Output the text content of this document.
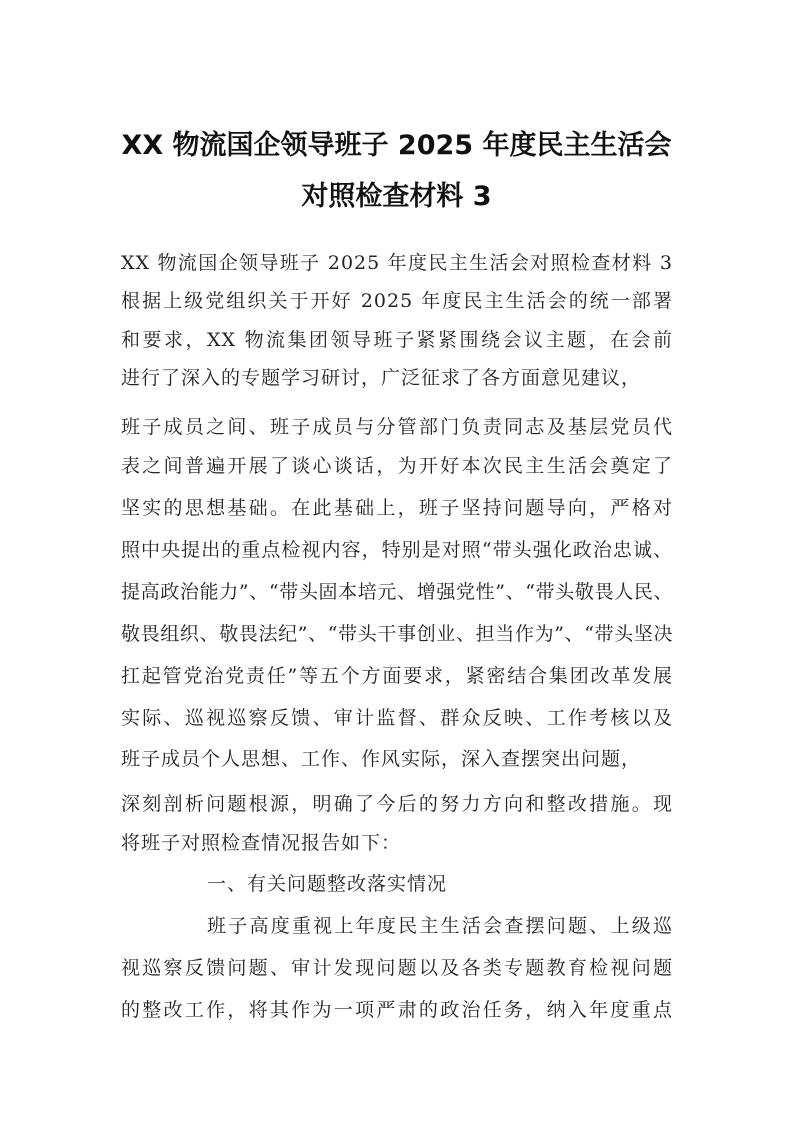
XX 物流国企领导班子 2025 年度民主生活会
对照检查材料 3
XX 物流国企领导班子 2025 年度民主生活会对照检查材料 3
根据上级党组织关于开好 2025 年度民主生活会的统一部署
和要求，XX 物流集团领导班子紧紧围绕会议主题，在会前
进行了深入的专题学习研讨，广泛征求了各方面意见建议，
班子成员之间、班子成员与分管部门负责同志及基层党员代
表之间普遍开展了谈心谈话，为开好本次民主生活会奠定了
坚实的思想基础。在此基础上，班子坚持问题导向，严格对
照中央提出的重点检视内容，特别是对照“带头强化政治忠诚、
提高政治能力”、“带头固本培元、增强党性”、“带头敬畏人民、
敬畏组织、敬畏法纪”、“带头干事创业、担当作为”、“带头坚决
扛起管党治党责任”等五个方面要求，紧密结合集团改革发展
实际、巡视巡察反馈、审计监督、群众反映、工作考核以及
班子成员个人思想、工作、作风实际，深入查摆突出问题，
深刻剖析问题根源，明确了今后的努力方向和整改措施。现
将班子对照检查情况报告如下：
一、有关问题整改落实情况
班子高度重视上年度民主生活会查摆问题、上级巡
视巡察反馈问题、审计发现问题以及各类专题教育检视问题
的整改工作，将其作为一项严肃的政治任务，纳入年度重点
